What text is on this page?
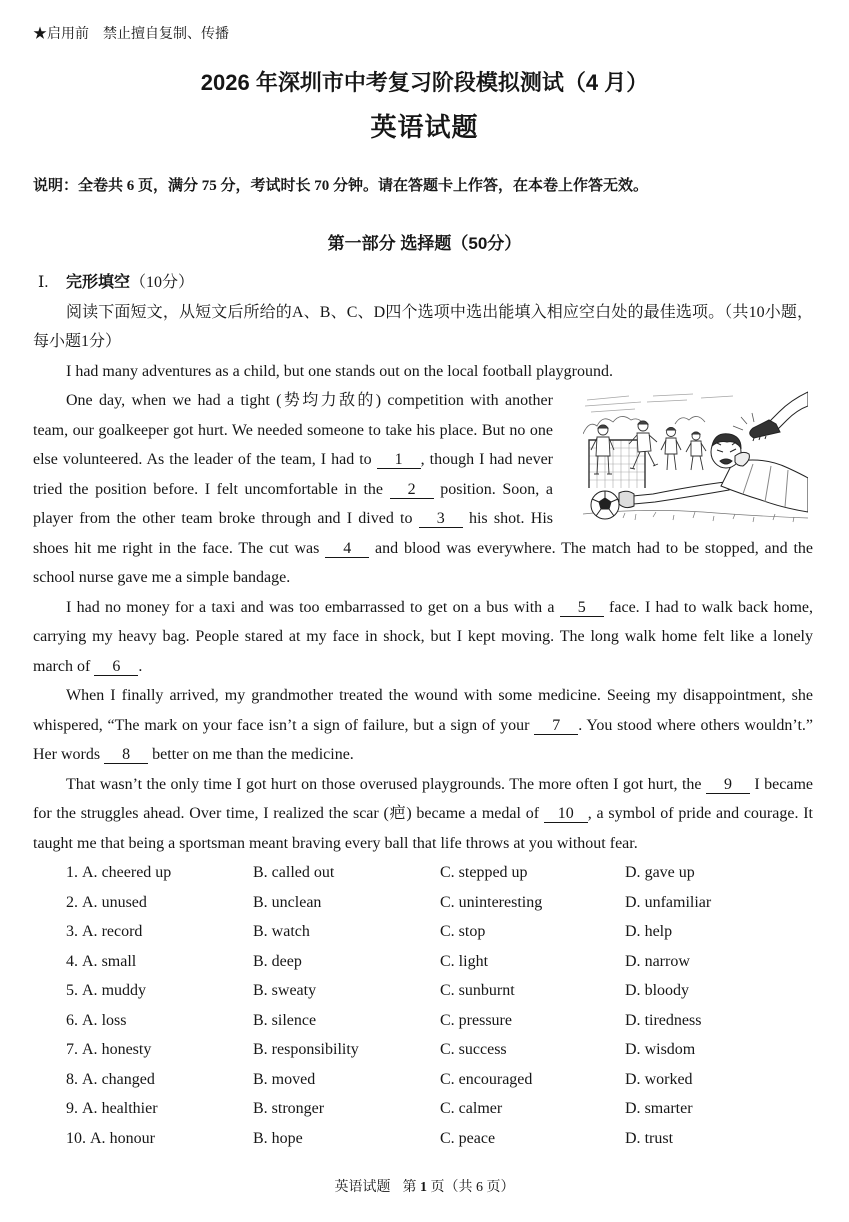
★启用前　禁止擅自复制、传播
2026 年深圳市中考复习阶段模拟测试（4 月）
英语试题
说明：全卷共 6 页，满分 75 分，考试时长 70 分钟。请在答题卡上作答，在本卷上作答无效。
第一部分 选择题（50分）
Ⅰ. 完形填空（10分）

阅读下面短文，从短文后所给的A、B、C、D四个选项中选出能填入相应空白处的最佳选项。（共10小题，每小题1分）

I had many adventures as a child, but one stands out on the local football playground.

One day, when we had a tight (势均力敌的) competition with another team, our goalkeeper got hurt. We needed someone to take his place. But no one else volunteered. As the leader of the team, I had to 1 , though I had never tried the position before. I felt uncomfortable in the 2 position. Soon, a player from the other team broke through and I dived to 3 his shot. His shoes hit me right in the face. The cut was 4 and blood was everywhere. The match had to be stopped, and the school nurse gave me a simple bandage.

I had no money for a taxi and was too embarrassed to get on a bus with a 5 face. I had to walk back home, carrying my heavy bag. People stared at my face in shock, but I kept moving. The long walk home felt like a lonely march of 6 .

When I finally arrived, my grandmother treated the wound with some medicine. Seeing my disappointment, she whispered, “The mark on your face isn’t a sign of failure, but a sign of your 7 . You stood where others wouldn’t.” Her words 8 better on me than the medicine.

That wasn’t the only time I got hurt on those overused playgrounds. The more often I got hurt, the 9 I became for the struggles ahead. Over time, I realized the scar (疤) became a medal of 10 , a symbol of pride and courage. It taught me that being a sportsman meant braving every ball that life throws at you without fear.

1. A. cheered up	B. called out	C. stepped up	D. gave up
2. A. unused	B. unclean	C. uninteresting	D. unfamiliar
3. A. record	B. watch	C. stop	D. help
4. A. small	B. deep	C. light	D. narrow
5. A. muddy	B. sweaty	C. sunburnt	D. bloody
6. A. loss	B. silence	C. pressure	D. tiredness
7. A. honesty	B. responsibility	C. success	D. wisdom
8. A. changed	B. moved	C. encouraged	D. worked
9. A. healthier	B. stronger	C. calmer	D. smarter
10. A. honour	B. hope	C. peace	D. trust
英语试题 第 1 页（共 6 页）
